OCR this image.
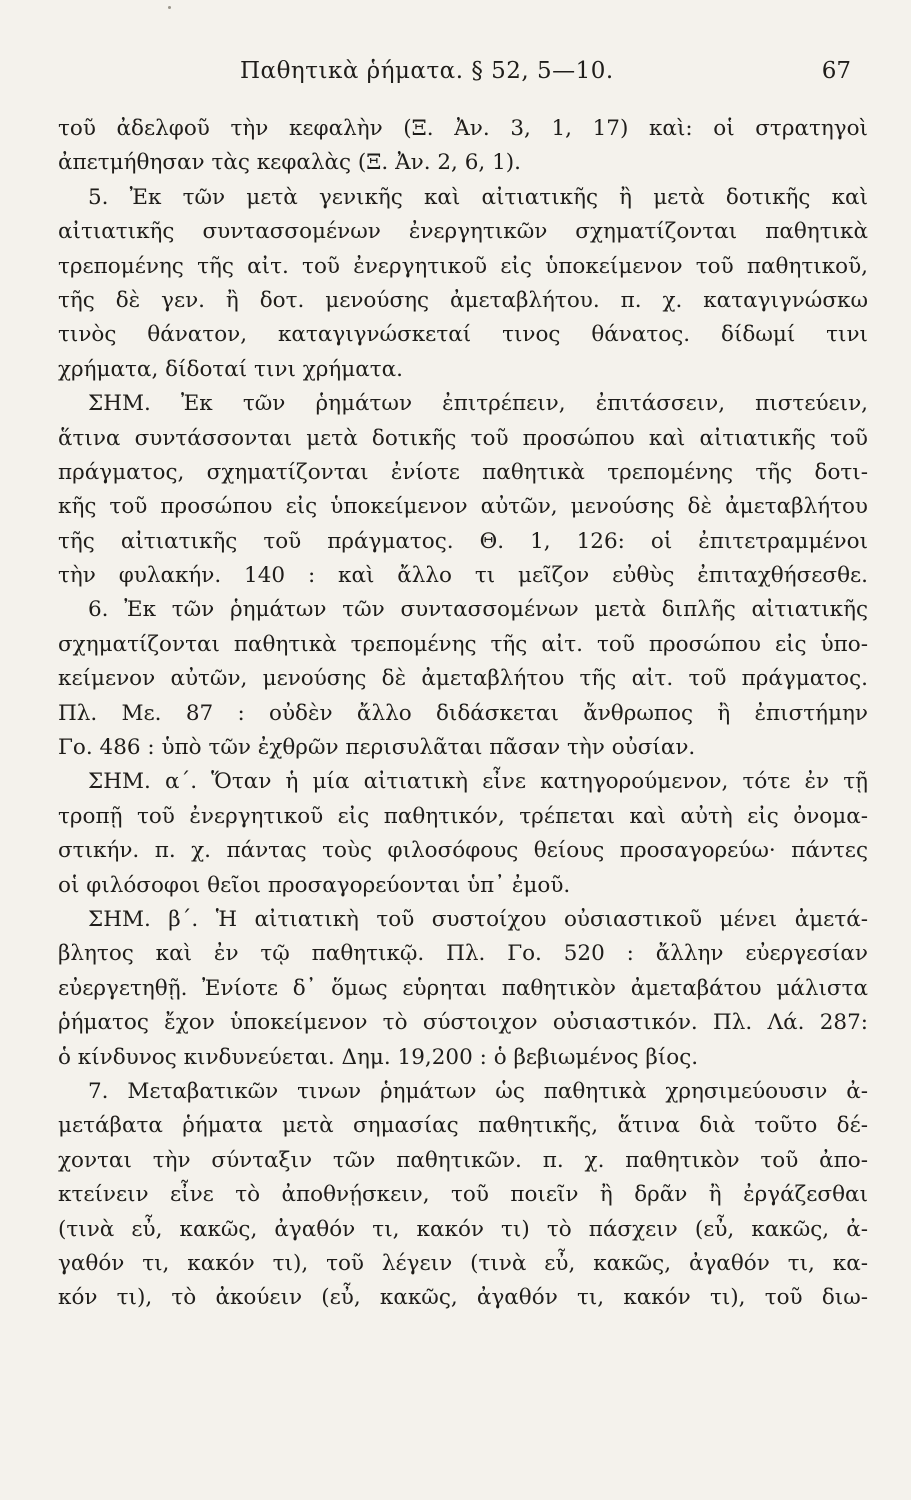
Παθητικὰ ῥήματα. § 52, 5—10.	67
τοῦ ἀδελφοῦ τὴν κεφαλὴν (Ξ. Ἀν. 3, 1, 17) καὶ: οἱ στρατηγοὶ
ἀπετμήθησαν τὰς κεφαλὰς (Ξ. Ἀν. 2, 6, 1).
5. Ἐκ τῶν μετὰ γενικῆς καὶ αἰτιατικῆς ἢ μετὰ δοτικῆς καὶ
αἰτιατικῆς συντασσομένων ἐνεργητικῶν σχηματίζονται παθητικὰ
τρεπομένης τῆς αἰτ. τοῦ ἐνεργητικοῦ εἰς ὑποκείμενον τοῦ παθητικοῦ,
τῆς δὲ γεν. ἢ δοτ. μενούσης ἀμεταβλήτου. π. χ. καταγιγνώσκω
τινὸς θάνατον, καταγιγνώσκεταί τινος θάνατος. δίδωμί τινι
χρήματα, δίδοταί τινι χρήματα.
ΣΗΜ. Ἐκ τῶν ῥημάτων ἐπιτρέπειν, ἐπιτάσσειν, πιστεύειν,
ἅτινα συντάσσονται μετὰ δοτικῆς τοῦ προσώπου καὶ αἰτιατικῆς τοῦ
πράγματος, σχηματίζονται ἐνίοτε παθητικὰ τρεπομένης τῆς δοτι-
κῆς τοῦ προσώπου εἰς ὑποκείμενον αὐτῶν, μενούσης δὲ ἀμεταβλήτου
τῆς αἰτιατικῆς τοῦ πράγματος. Θ. 1, 126: οἱ ἐπιτετραμμένοι
τὴν φυλακήν. 140 : καὶ ἄλλο τι μεῖζον εὐθὺς ἐπιταχθήσεσθε.
6. Ἐκ τῶν ῥημάτων τῶν συντασσομένων μετὰ διπλῆς αἰτιατικῆς
σχηματίζονται παθητικὰ τρεπομένης τῆς αἰτ. τοῦ προσώπου εἰς ὑπο-
κείμενον αὐτῶν, μενούσης δὲ ἀμεταβλήτου τῆς αἰτ. τοῦ πράγματος.
Πλ. Με. 87 : οὐδὲν ἄλλο διδάσκεται ἄνθρωπος ἢ ἐπιστήμην
Γο. 486 : ὑπὸ τῶν ἐχθρῶν περισυλᾶται πᾶσαν τὴν οὐσίαν.
ΣΗΜ. α΄. Ὅταν ἡ μία αἰτιατικὴ εἶνε κατηγορούμενον, τότε ἐν τῇ
τροπῇ τοῦ ἐνεργητικοῦ εἰς παθητικόν, τρέπεται καὶ αὐτὴ εἰς ὀνομα-
στικήν. π. χ. πάντας τοὺς φιλοσόφους θείους προσαγορεύω· πάντες
οἱ φιλόσοφοι θεῖοι προσαγορεύονται ὑπ᾽ ἐμοῦ.
ΣΗΜ. β΄. Ἡ αἰτιατικὴ τοῦ συστοίχου οὐσιαστικοῦ μένει ἀμετά-
βλητος καὶ ἐν τῷ παθητικῷ. Πλ. Γο. 520 : ἄλλην εὐεργεσίαν
εὐεργετηθῇ. Ἐνίοτε δ᾽ ὅμως εὑρηται παθητικὸν ἀμεταβάτου μάλιστα
ῥήματος ἔχον ὑποκείμενον τὸ σύστοιχον οὐσιαστικόν. Πλ. Λά. 287:
ὁ κίνδυνος κινδυνεύεται. Δημ. 19,200 : ὁ βεβιωμένος βίος.
7. Μεταβατικῶν τινων ῥημάτων ὡς παθητικὰ χρησιμεύουσιν ἀ-
μετάβατα ῥήματα μετὰ σημασίας παθητικῆς, ἅτινα διὰ τοῦτο δέ-
χονται τὴν σύνταξιν τῶν παθητικῶν. π. χ. παθητικὸν τοῦ ἀπο-
κτείνειν εἶνε τὸ ἀποθνῄσκειν, τοῦ ποιεῖν ἢ δρᾶν ἢ ἐργάζεσθαι
(τινὰ εὖ, κακῶς, ἀγαθόν τι, κακόν τι) τὸ πάσχειν (εὖ, κακῶς, ἀ-
γαθόν τι, κακόν τι), τοῦ λέγειν (τινὰ εὖ, κακῶς, ἀγαθόν τι, κα-
κόν τι), τὸ ἀκούειν (εὖ, κακῶς, ἀγαθόν τι, κακόν τι), τοῦ διω-
